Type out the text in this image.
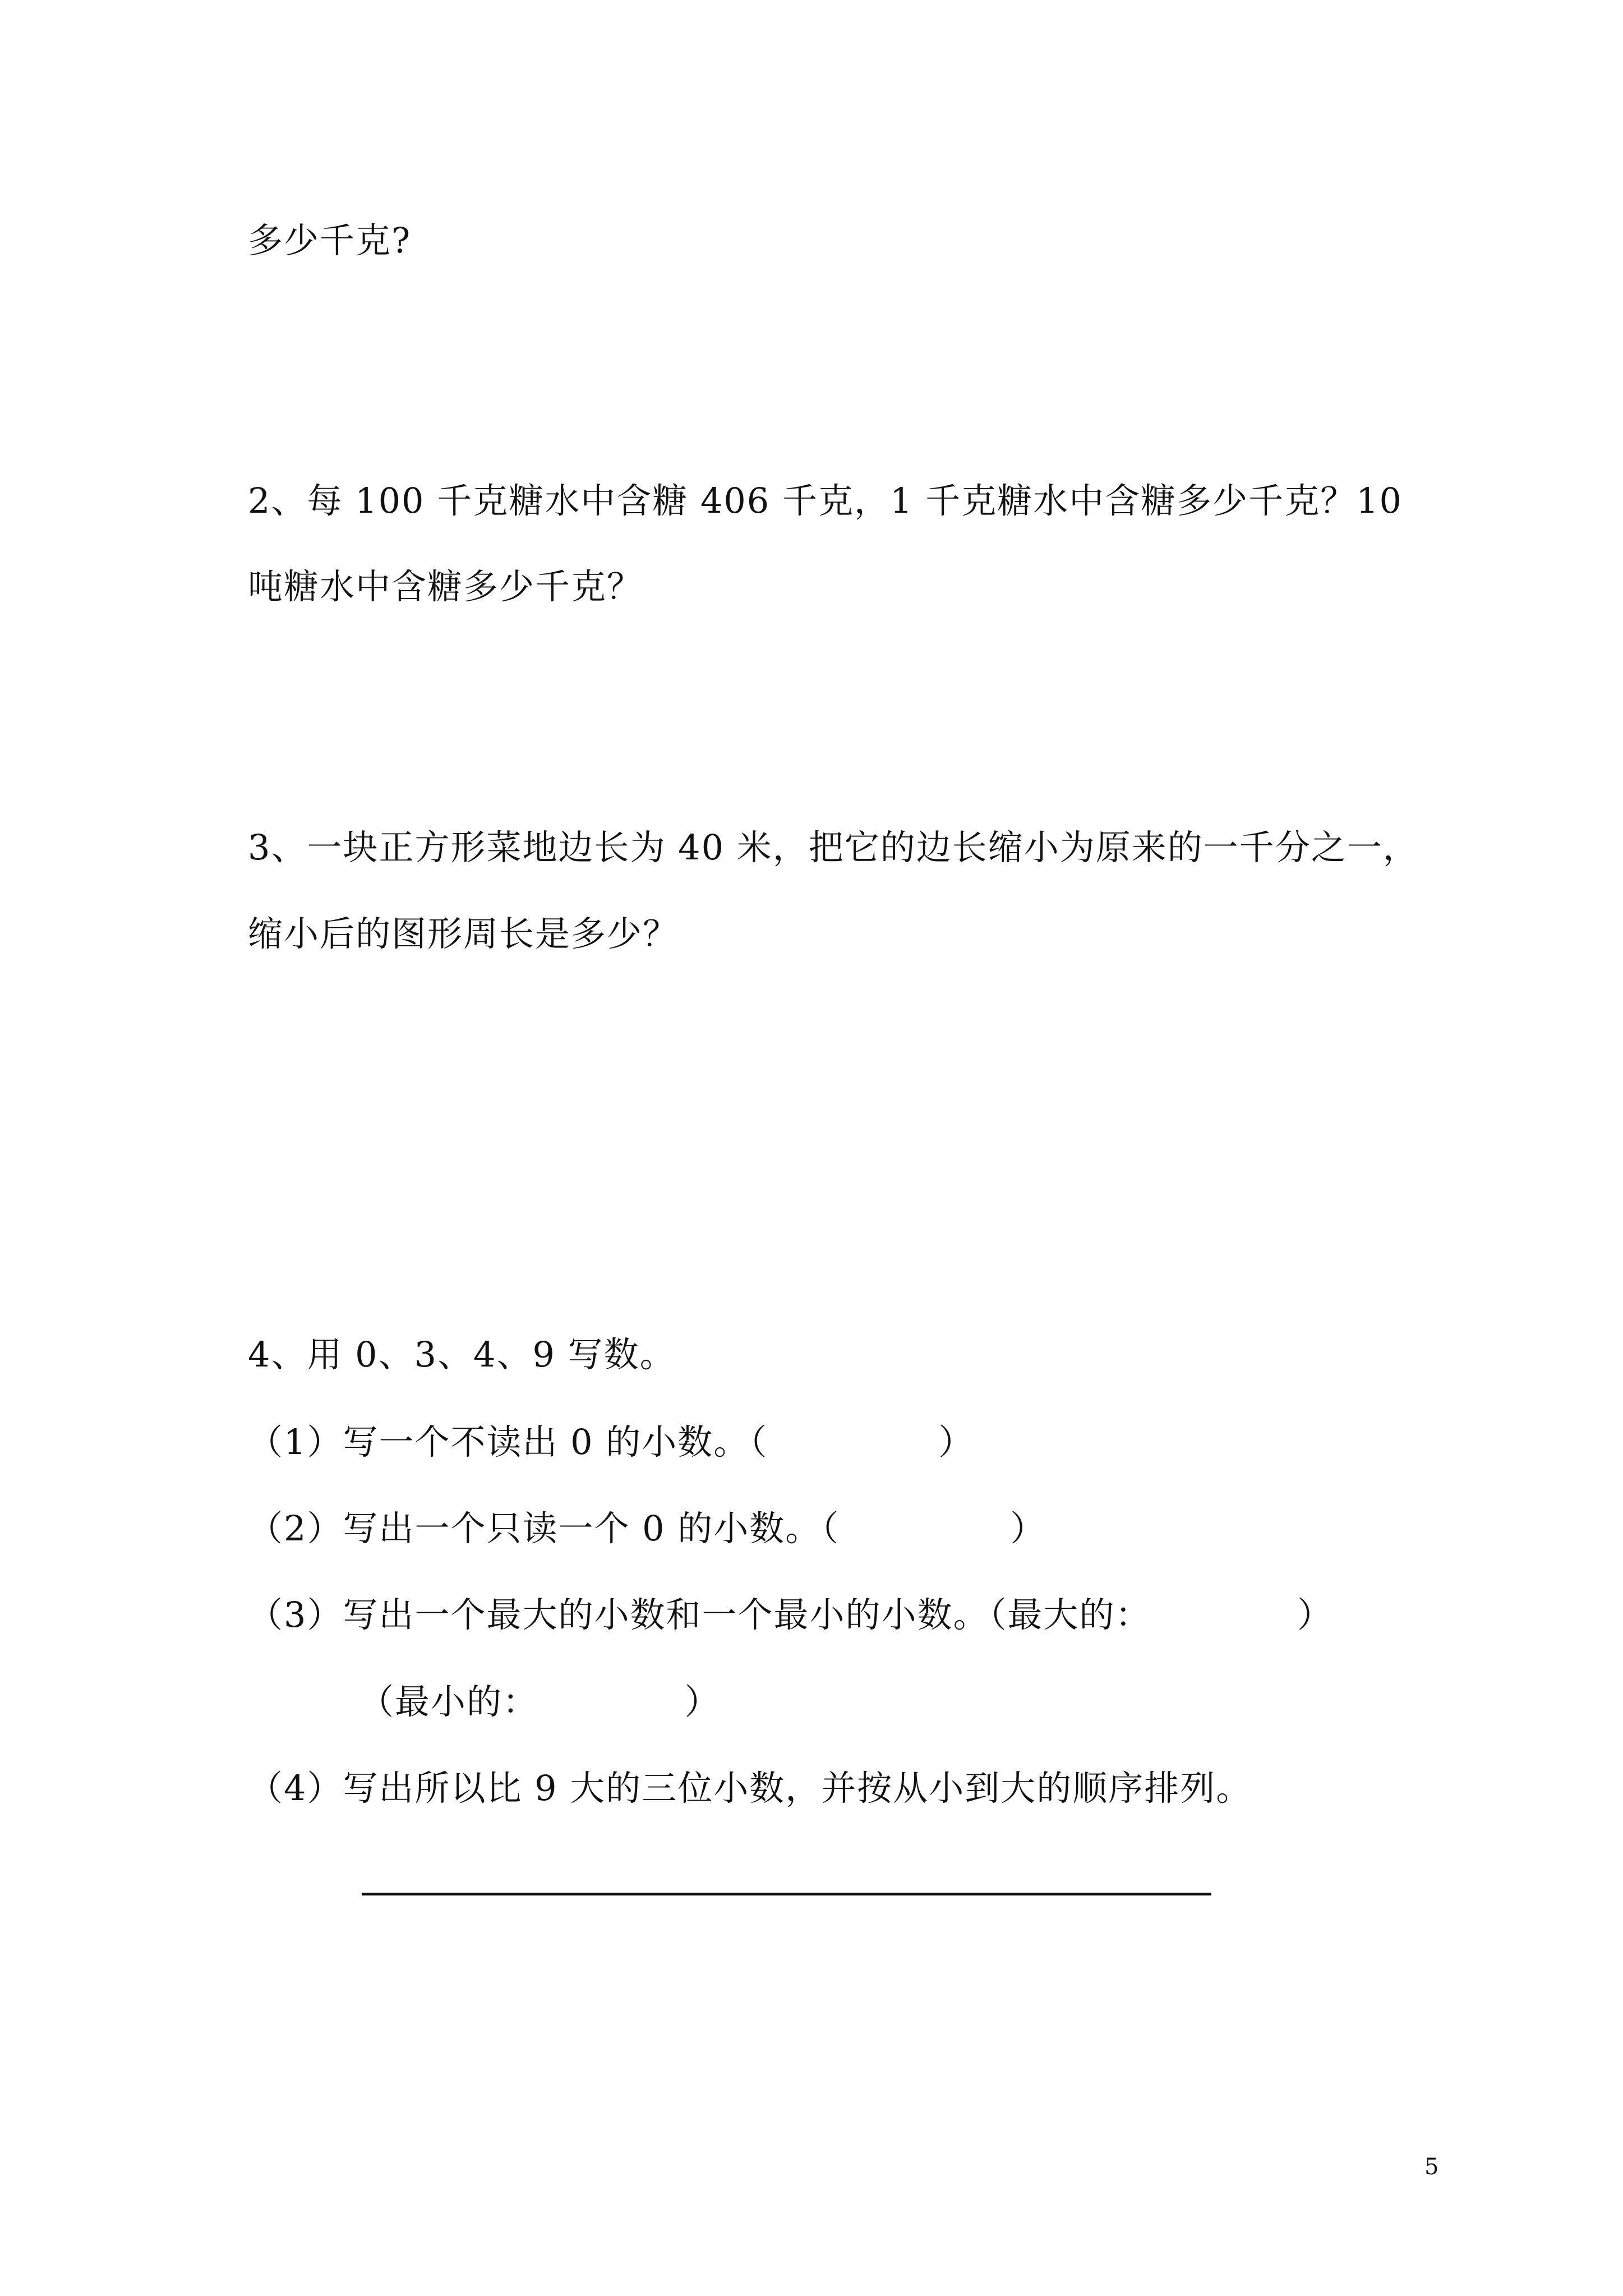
多少千克?
2、每 100 千克糖水中含糖 406 千克，1 千克糖水中含糖多少千克？10
吨糖水中含糖多少千克？
3、一块正方形菜地边长为 40 米，把它的边长缩小为原来的一千分之一，
缩小后的图形周长是多少？
4、用 0、3、4、9 写数。
（1）写一个不读出 0 的小数。（              ）
（2）写出一个只读一个 0 的小数。（              ）
（3）写出一个最大的小数和一个最小的小数。（最大的：            ）
（最小的：            ）
（4）写出所以比 9 大的三位小数，并按从小到大的顺序排列。
5
